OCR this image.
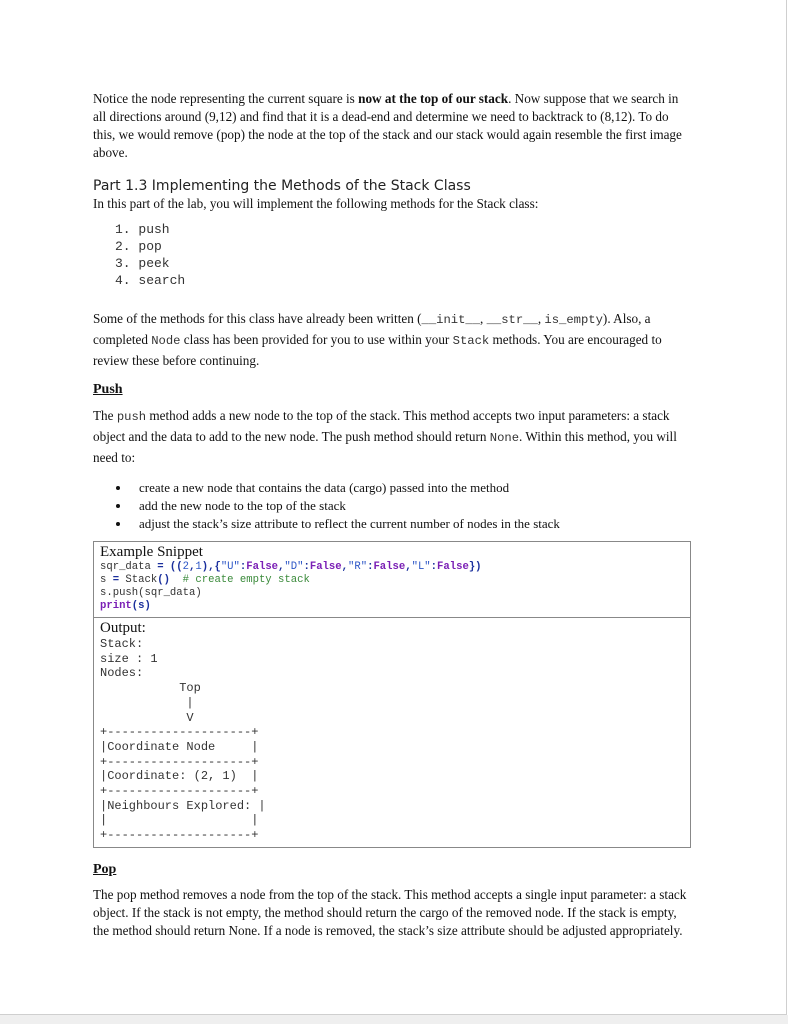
Notice the node representing the current square is now at the top of our stack. Now suppose that we search in all directions around (9,12) and find that it is a dead-end and determine we need to backtrack to (8,12). To do this, we would remove (pop) the node at the top of the stack and our stack would again resemble the first image above.

Part 1.3 Implementing the Methods of the Stack Class

In this part of the lab, you will implement the following methods for the Stack class:

1. push
2. pop
3. peek
4. search

Some of the methods for this class have already been written (__init__, __str__, is_empty). Also, a completed Node class has been provided for you to use within your Stack methods. You are encouraged to review these before continuing.

Push

The push method adds a new node to the top of the stack. This method accepts two input parameters: a stack object and the data to add to the new node. The push method should return None. Within this method, you will need to:

• create a new node that contains the data (cargo) passed into the method
• add the new node to the top of the stack
• adjust the stack’s size attribute to reflect the current number of nodes in the stack
Example Snippet
sqr_data = ((2,1),{"U":False,"D":False,"R":False,"L":False})
s = Stack()  # create empty stack
s.push(sqr_data)
print(s)
Output:
Stack:
size : 1
Nodes:
Top
|
V
+--------------------+
|Coordinate Node     |
+--------------------+
|Coordinate: (2, 1)  |
+--------------------+
|Neighbours Explored: |
|                    |
+--------------------+
Pop

The pop method removes a node from the top of the stack. This method accepts a single input parameter: a stack object. If the stack is not empty, the method should return the cargo of the removed node. If the stack is empty, the method should return None. If a node is removed, the stack’s size attribute should be adjusted appropriately.
